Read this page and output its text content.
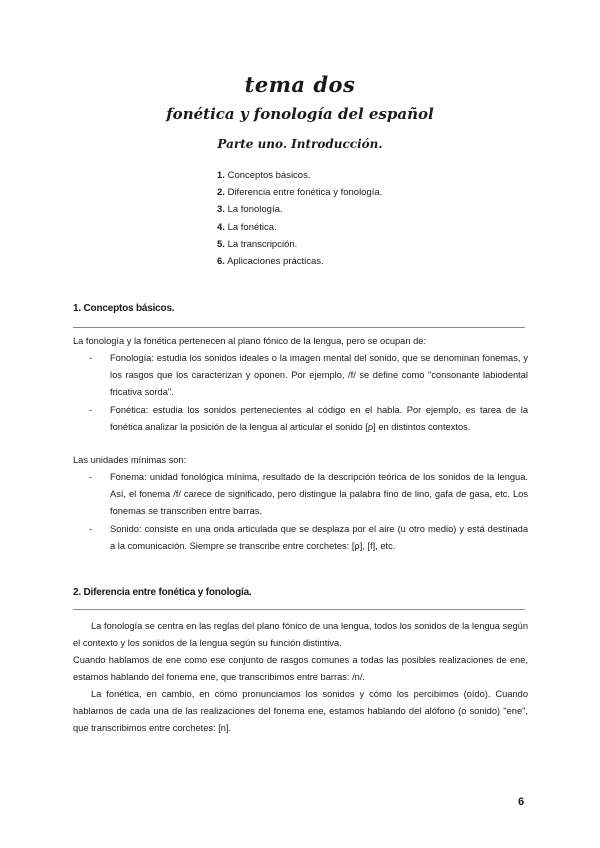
tema dos
fonética y fonología del español
Parte uno. Introducción.
1. Conceptos básicos.
2. Diferencia entre fonética y fonología.
3. La fonología.
4. La fonética.
5. La transcripción.
6. Aplicaciones prácticas.
1. Conceptos básicos.

La fonología y la fonética pertenecen al plano fónico de la lengua, pero se ocupan de:

- Fonología: estudia los sonidos ideales o la imagen mental del sonido, que se denominan fonemas, y los rasgos que los caracterizan y oponen. Por ejemplo, /f/ se define como "consonante labiodental fricativa sorda".
- Fonética: estudia los sonidos pertenecientes al código en el habla. Por ejemplo, es tarea de la fonética analizar la posición de la lengua al articular el sonido [ρ] en distintos contextos.

Las unidades mínimas son:

- Fonema: unidad fonológica mínima, resultado de la descripción teórica de los sonidos de la lengua. Así, el fonema /f/ carece de significado, pero distingue la palabra fino de lino, gafa de gasa, etc. Los fonemas se transcriben entre barras.
- Sonido: consiste en una onda articulada que se desplaza por el aire (u otro medio) y está destinada a la comunicación. Siempre se transcribe entre corchetes: [ρ], [f], etc.
2. Diferencia entre fonética y fonología.

La fonología se centra en las reglas del plano fónico de una lengua, todos los sonidos de la lengua según el contexto y los sonidos de la lengua según su función distintiva.

Cuando hablamos de ene como ese conjunto de rasgos comunes a todas las posibles realizaciones de ene, estamos hablando del fonema ene, que transcribimos entre barras: /n/.

La fonética, en cambio, en cómo pronunciamos los sonidos y cómo los percibimos (oído). Cuando hablamos de cada una de las realizaciones del fonema ene, estamos hablando del alófono (o sonido) "ene", que transcribimos entre corchetes: [n].

6
